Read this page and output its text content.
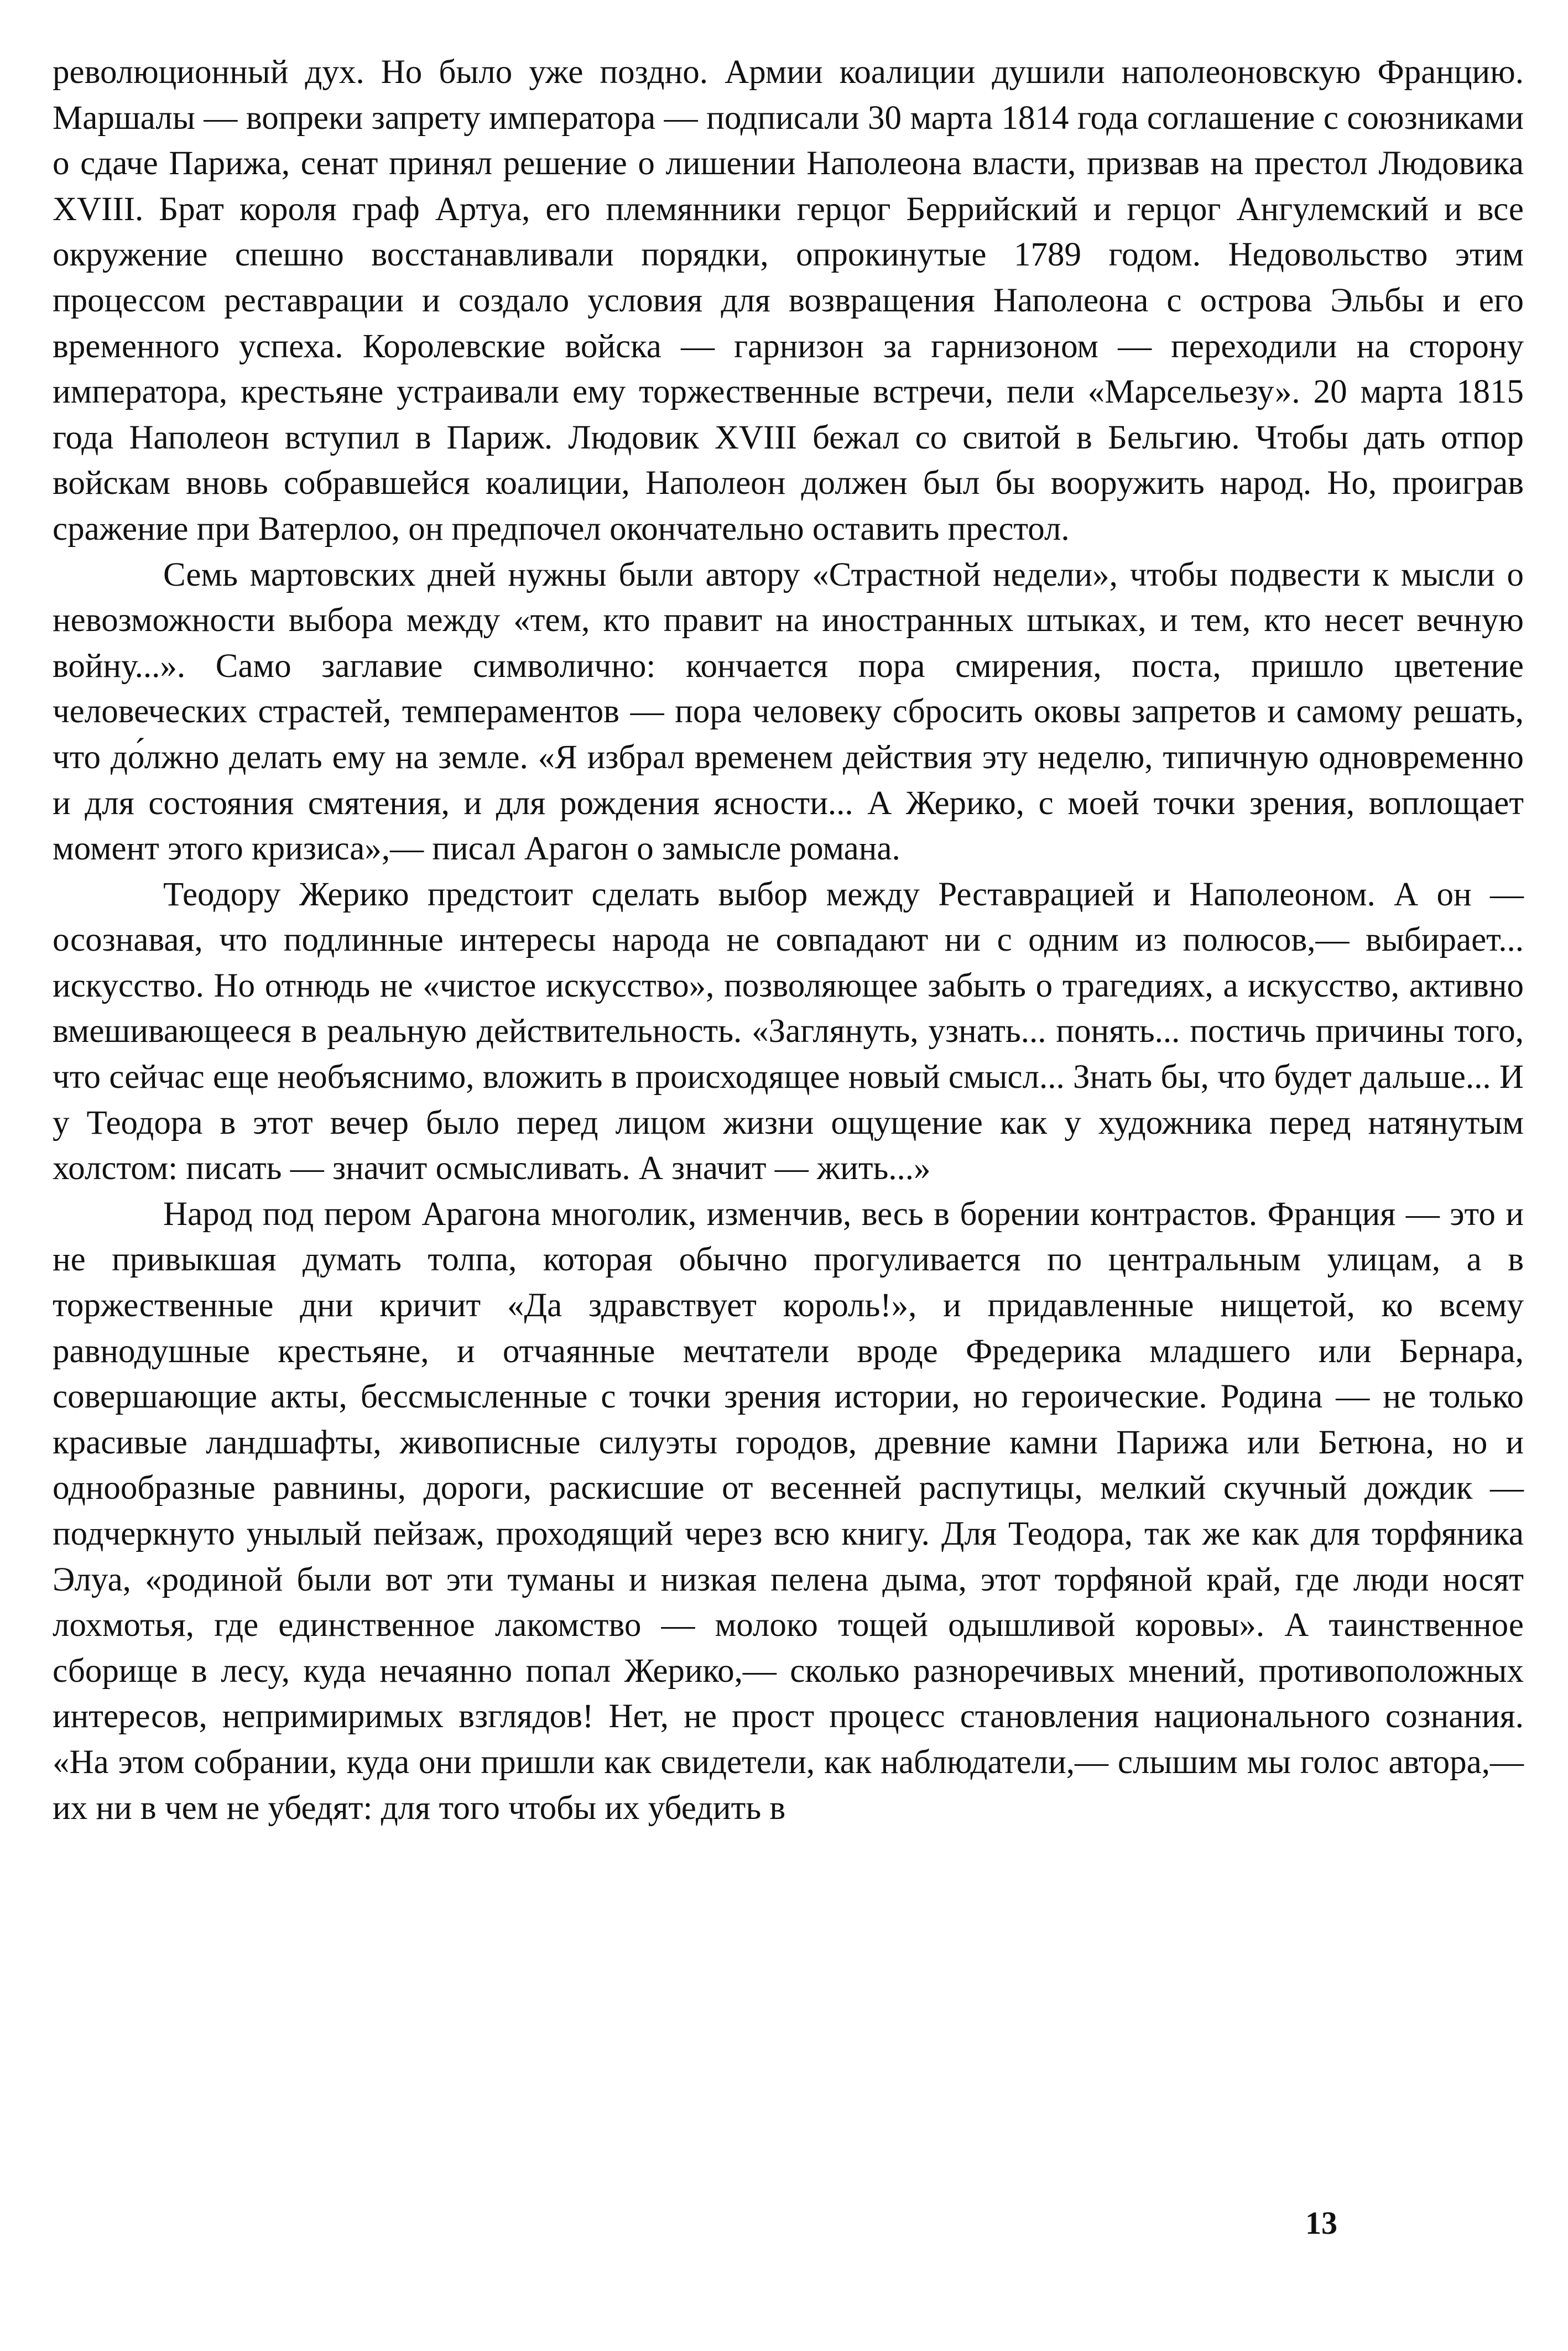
революционный дух. Но было уже поздно. Армии коалиции душили наполеоновскую Францию. Маршалы — вопреки запрету императора — подписали 30 марта 1814 года соглашение с союзниками о сдаче Парижа, сенат принял решение о лишении Наполеона власти, призвав на престол Людовика XVIII. Брат короля граф Артуа, его племянники герцог Беррийский и герцог Ангулемский и все окружение спешно восстанавливали порядки, опрокинутые 1789 годом. Недовольство этим процессом реставрации и создало условия для возвращения Наполеона с острова Эльбы и его временного успеха. Королевские войска — гарнизон за гарнизоном — переходили на сторону императора, крестьяне устраивали ему торжественные встречи, пели «Марсельезу». 20 марта 1815 года Наполеон вступил в Париж. Людовик XVIII бежал со свитой в Бельгию. Чтобы дать отпор войскам вновь собравшейся коалиции, Наполеон должен был бы вооружить народ. Но, проиграв сражение при Ватерлоо, он предпочел окончательно оставить престол.

Семь мартовских дней нужны были автору «Страстной недели», чтобы подвести к мысли о невозможности выбора между «тем, кто правит на иностранных штыках, и тем, кто несет вечную войну...». Само заглавие символично: кончается пора смирения, поста, пришло цветение человеческих страстей, темпераментов — пора человеку сбросить оковы запретов и самому решать, что до́лжно делать ему на земле. «Я избрал временем действия эту неделю, типичную одновременно и для состояния смятения, и для рождения ясности... А Жерико, с моей точки зрения, воплощает момент этого кризиса»,— писал Арагон о замысле романа.

Теодору Жерико предстоит сделать выбор между Реставрацией и Наполеоном. А он — осознавая, что подлинные интересы народа не совпадают ни с одним из полюсов,— выбирает... искусство. Но отнюдь не «чистое искусство», позволяющее забыть о трагедиях, а искусство, активно вмешивающееся в реальную действительность. «Заглянуть, узнать... понять... постичь причины того, что сейчас еще необъяснимо, вложить в происходящее новый смысл... Знать бы, что будет дальше... И у Теодора в этот вечер было перед лицом жизни ощущение как у художника перед натянутым холстом: писать — значит осмысливать. А значит — жить...»

Народ под пером Арагона многолик, изменчив, весь в борении контрастов. Франция — это и не привыкшая думать толпа, которая обычно прогуливается по центральным улицам, а в торжественные дни кричит «Да здравствует король!», и придавленные нищетой, ко всему равнодушные крестьяне, и отчаянные мечтатели вроде Фредерика младшего или Бернара, совершающие акты, бессмысленные с точки зрения истории, но героические. Родина — не только красивые ландшафты, живописные силуэты городов, древние камни Парижа или Бетюна, но и однообразные равнины, дороги, раскисшие от весенней распутицы, мелкий скучный дождик — подчеркнуто унылый пейзаж, проходящий через всю книгу. Для Теодора, так же как для торфяника Элуа, «родиной были вот эти туманы и низкая пелена дыма, этот торфяной край, где люди носят лохмотья, где единственное лакомство — молоко тощей одышливой коровы». А таинственное сборище в лесу, куда нечаянно попал Жерико,— сколько разноречивых мнений, противоположных интересов, непримиримых взглядов! Нет, не прост процесс становления национального сознания. «На этом собрании, куда они пришли как свидетели, как наблюдатели,— слышим мы голос автора,— их ни в чем не убедят: для того чтобы их убедить в

13
